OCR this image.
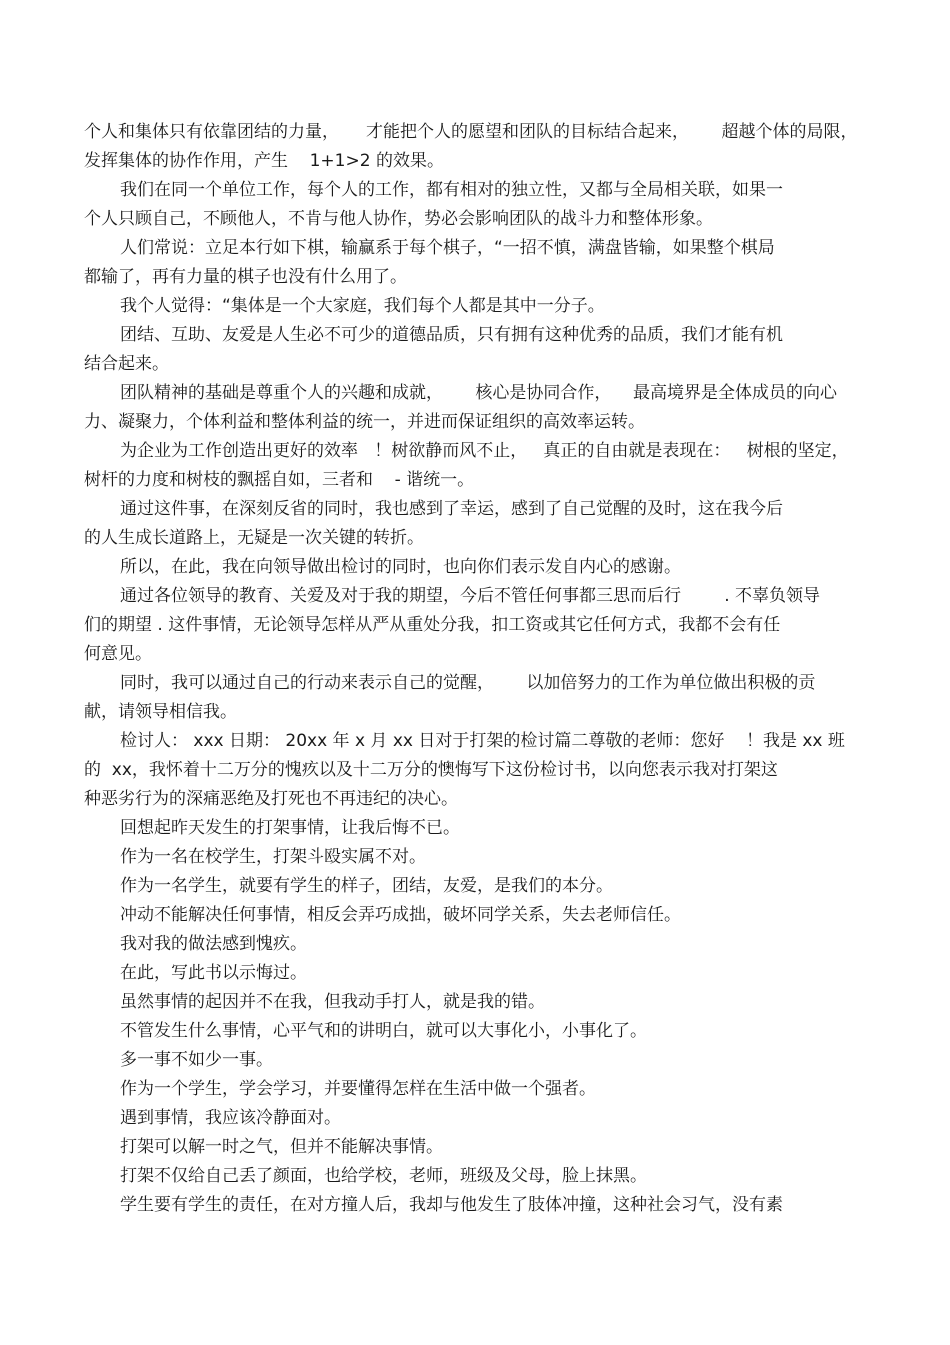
个人和集体只有依靠团结的力量，     才能把个人的愿望和团队的目标结合起来，      超越个体的局限，
发挥集体的协作作用，产生    1+1>2 的效果。
我们在同一个单位工作，每个人的工作，都有相对的独立性，又都与全局相关联，如果一
个人只顾自己，不顾他人，不肯与他人协作，势必会影响团队的战斗力和整体形象。
人们常说：立足本行如下棋，输赢系于每个棋子，“一招不慎，满盘皆输，如果整个棋局
都输了，再有力量的棋子也没有什么用了。
我个人觉得：“集体是一个大家庭，我们每个人都是其中一分子。
团结、互助、友爱是人生必不可少的道德品质，只有拥有这种优秀的品质，我们才能有机
结合起来。
团队精神的基础是尊重个人的兴趣和成就，      核心是协同合作，    最高境界是全体成员的向心
力、凝聚力，个体利益和整体利益的统一，并进而保证组织的高效率运转。
为企业为工作创造出更好的效率   ！树欲静而风不止，   真正的自由就是表现在：   树根的坚定，
树杆的力度和树枝的飘摇自如，三者和    - 谐统一。
通过这件事，在深刻反省的同时，我也感到了幸运，感到了自己觉醒的及时，这在我今后
的人生成长道路上，无疑是一次关键的转折。
所以，在此，我在向领导做出检讨的同时，也向你们表示发自内心的感谢。
通过各位领导的教育、关爱及对于我的期望，今后不管任何事都三思而后行        . 不辜负领导
们的期望 . 这件事情，无论领导怎样从严从重处分我，扣工资或其它任何方式，我都不会有任
何意见。
同时，我可以通过自己的行动来表示自己的觉醒，      以加倍努力的工作为单位做出积极的贡
献，请领导相信我。
检讨人： xxx 日期： 20xx 年 x 月 xx 日对于打架的检讨篇二尊敬的老师：您好    ！我是 xx 班
的  xx，我怀着十二万分的愧疚以及十二万分的懊悔写下这份检讨书，以向您表示我对打架这
种恶劣行为的深痛恶绝及打死也不再违纪的决心。
回想起昨天发生的打架事情，让我后悔不已。
作为一名在校学生，打架斗殴实属不对。
作为一名学生，就要有学生的样子，团结，友爱，是我们的本分。
冲动不能解决任何事情，相反会弄巧成拙，破坏同学关系，失去老师信任。
我对我的做法感到愧疚。
在此，写此书以示悔过。
虽然事情的起因并不在我，但我动手打人，就是我的错。
不管发生什么事情，心平气和的讲明白，就可以大事化小，小事化了。
多一事不如少一事。
作为一个学生，学会学习，并要懂得怎样在生活中做一个强者。
遇到事情，我应该冷静面对。
打架可以解一时之气，但并不能解决事情。
打架不仅给自己丢了颜面，也给学校，老师，班级及父母，脸上抹黑。
学生要有学生的责任，在对方撞人后，我却与他发生了肢体冲撞，这种社会习气，没有素
